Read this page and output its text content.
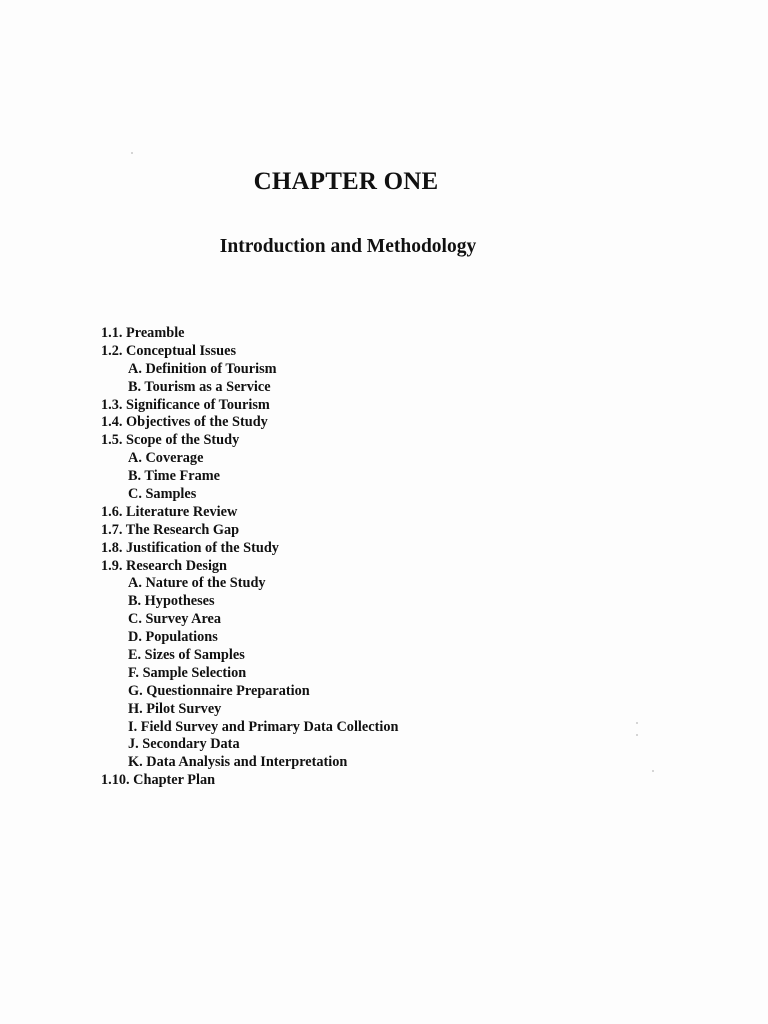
CHAPTER ONE
Introduction and Methodology
1.1. Preamble
1.2. Conceptual Issues
A. Definition of Tourism
B. Tourism as a Service
1.3. Significance of Tourism
1.4. Objectives of the Study
1.5. Scope of the Study
A. Coverage
B. Time Frame
C. Samples
1.6. Literature Review
1.7. The Research Gap
1.8. Justification of the Study
1.9. Research Design
A. Nature of the Study
B. Hypotheses
C. Survey Area
D. Populations
E. Sizes of Samples
F. Sample Selection
G. Questionnaire Preparation
H. Pilot Survey
I. Field Survey and Primary Data Collection
J. Secondary Data
K. Data Analysis and Interpretation
1.10. Chapter Plan
